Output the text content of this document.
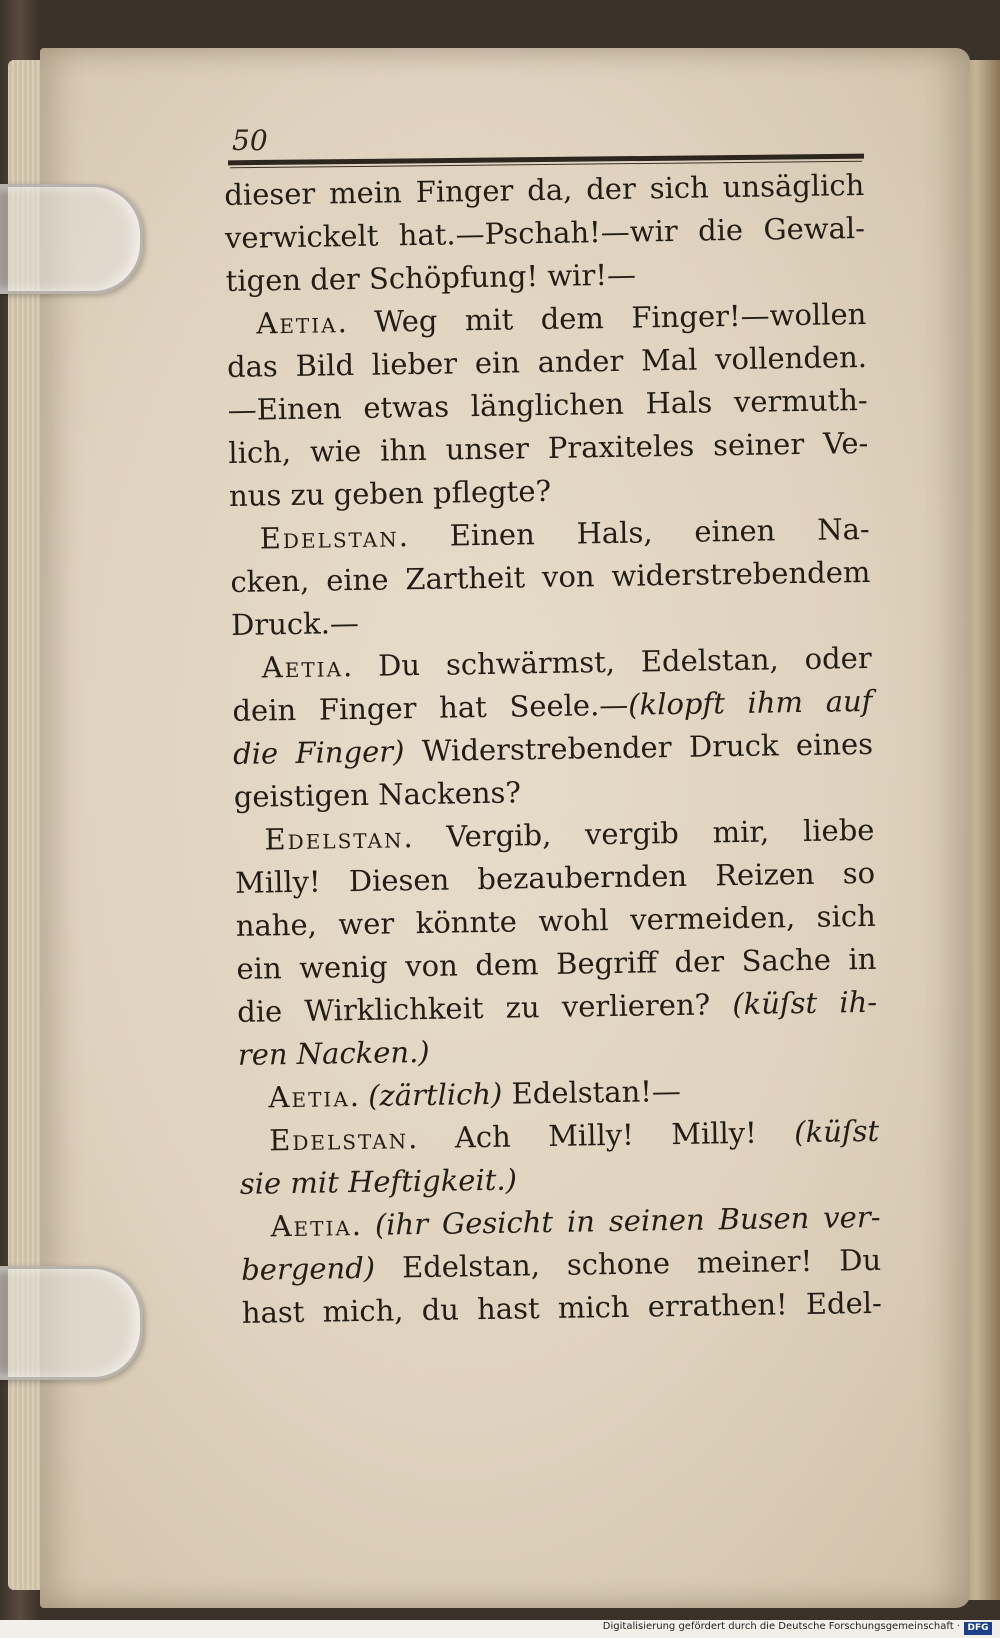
50
dieser mein Finger da, der sich unsäglich
verwickelt hat.—Pschah!—wir die Gewal-
tigen der Schöpfung! wir!—
Aetia. Weg mit dem Finger!—wollen
das Bild lieber ein ander Mal vollenden.
—Einen etwas länglichen Hals vermuth-
lich, wie ihn unser Praxiteles seiner Ve-
nus zu geben pflegte?
Edelstan. Einen Hals, einen Na-
cken, eine Zartheit von widerstrebendem
Druck.—
Aetia. Du schwärmst, Edelstan, oder
dein Finger hat Seele.—(klopft ihm auf
die Finger) Widerstrebender Druck eines
geistigen Nackens?
Edelstan. Vergib, vergib mir, liebe
Milly! Diesen bezaubernden Reizen so
nahe, wer könnte wohl vermeiden, sich
ein wenig von dem Begriff der Sache in
die Wirklichkeit zu verlieren? (küſst ih-
ren Nacken.)
Aetia. (zärtlich) Edelstan!—
Edelstan. Ach Milly! Milly! (küſst
sie mit Heftigkeit.)
Aetia. (ihr Gesicht in seinen Busen ver-
bergend) Edelstan, schone meiner! Du
hast mich, du hast mich errathen! Edel-
Digitalisierung gefördert durch die Deutsche Forschungsgemeinschaft · DFG
